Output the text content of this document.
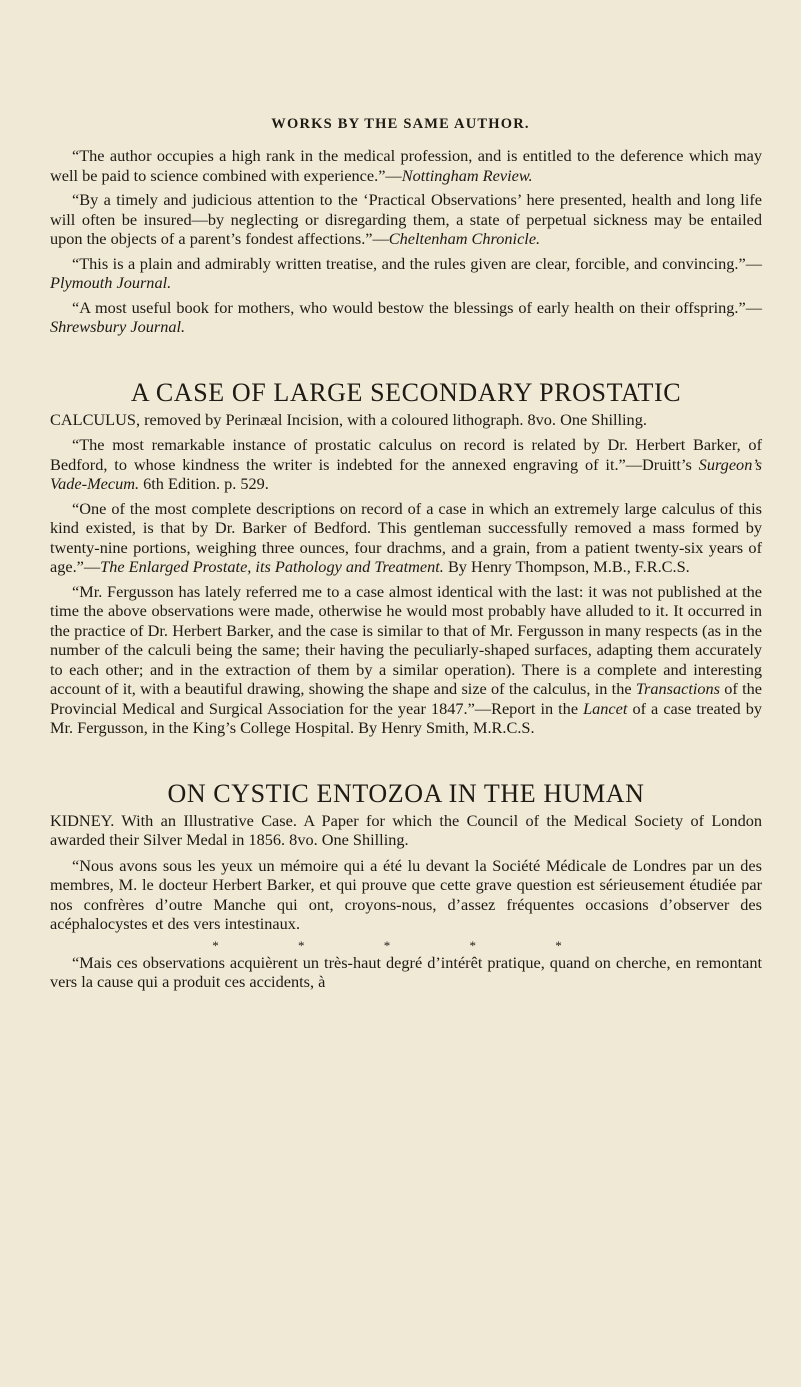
WORKS BY THE SAME AUTHOR.

“The author occupies a high rank in the medical profession, and is entitled to the deference which may well be paid to science combined with experience.”—Nottingham Review.

“By a timely and judicious attention to the ‘Practical Observations’ here presented, health and long life will often be insured—by neglecting or disregarding them, a state of perpetual sickness may be entailed upon the objects of a parent’s fondest affections.”—Cheltenham Chronicle.

“This is a plain and admirably written treatise, and the rules given are clear, forcible, and convincing.”—Plymouth Journal.

“A most useful book for mothers, who would bestow the blessings of early health on their offspring.”—Shrewsbury Journal.

A CASE OF LARGE SECONDARY PROSTATIC

CALCULUS, removed by Perinæal Incision, with a coloured lithograph. 8vo. One Shilling.

“The most remarkable instance of prostatic calculus on record is related by Dr. Herbert Barker, of Bedford, to whose kindness the writer is indebted for the annexed engraving of it.”—Druitt’s Surgeon’s Vade-Mecum. 6th Edition. p. 529.

“One of the most complete descriptions on record of a case in which an extremely large calculus of this kind existed, is that by Dr. Barker of Bedford. This gentleman successfully removed a mass formed by twenty-nine portions, weighing three ounces, four drachms, and a grain, from a patient twenty-six years of age.”—The Enlarged Prostate, its Pathology and Treatment. By Henry Thompson, M.B., F.R.C.S.

“Mr. Fergusson has lately referred me to a case almost identical with the last: it was not published at the time the above observations were made, otherwise he would most probably have alluded to it. It occurred in the practice of Dr. Herbert Barker, and the case is similar to that of Mr. Fergusson in many respects (as in the number of the calculi being the same; their having the peculiarly-shaped surfaces, adapting them accurately to each other; and in the extraction of them by a similar operation). There is a complete and interesting account of it, with a beautiful drawing, showing the shape and size of the calculus, in the Transactions of the Provincial Medical and Surgical Association for the year 1847.”—Report in the Lancet of a case treated by Mr. Fergusson, in the King’s College Hospital. By Henry Smith, M.R.C.S.

ON CYSTIC ENTOZOA IN THE HUMAN

KIDNEY. With an Illustrative Case. A Paper for which the Council of the Medical Society of London awarded their Silver Medal in 1856. 8vo. One Shilling.

“Nous avons sous les yeux un mémoire qui a été lu devant la Société Médicale de Londres par un des membres, M. le docteur Herbert Barker, et qui prouve que cette grave question est sérieusement étudiée par nos confrères d’outre Manche qui ont, croyons-nous, d’assez fréquentes occasions d’observer des acéphalocystes et des vers intestinaux.

* * * * *

“Mais ces observations acquièrent un très-haut degré d’intérêt pratique, quand on cherche, en remontant vers la cause qui a produit ces accidents, à
